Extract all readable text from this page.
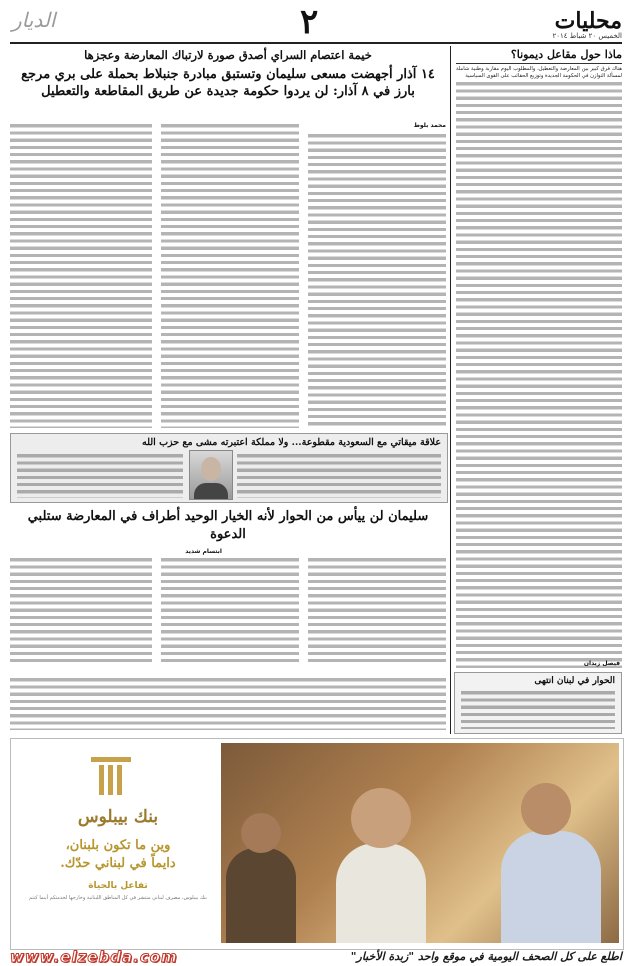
محليات
الخميس ٢٠ شباط ٢٠١٤
٢
الديار
ماذا حول مقاعل ديمونا؟
هناك فرق كبير بين المعارضة والتعطيل، والمطلوب اليوم مقاربة وطنية شاملة لمسألة التوازن في الحكومة الجديدة وتوزيع الحقائب على القوى السياسية
فيصل زيدان
خيمة اعتصام السراي أصدق صورة لارتباك المعارضة وعجزها
١٤ آذار أجهضت مسعى سليمان وتستبق مبادرة جنبلاط بحملة على بري مرجع بارز في ٨ آذار: لن يردوا حكومة جديدة عن طريق المقاطعة والتعطيل
محمد بلوط
علاقة ميقاتي مع السعودية مقطوعة... ولا مملكة اعتبرته مشى مع حزب الله
سليمان لن ييأس من الحوار لأنه الخيار الوحيد أطراف في المعارضة ستلبي الدعوة
ابتسام شديد
الحوار في لبنان انتهى
بنك بيبلوس
وين ما تكون بلبنان،
دايماً في لبناني حدّك.
تفاعل بالحياة
بنك بيبلوس، مصرف لبناني منتشر في كل المناطق اللبنانية وخارجها لخدمتكم أينما كنتم
www.elzebda.com	اطلع على كل الصحف اليومية في موقع واحد "زبدة الأخبار"
